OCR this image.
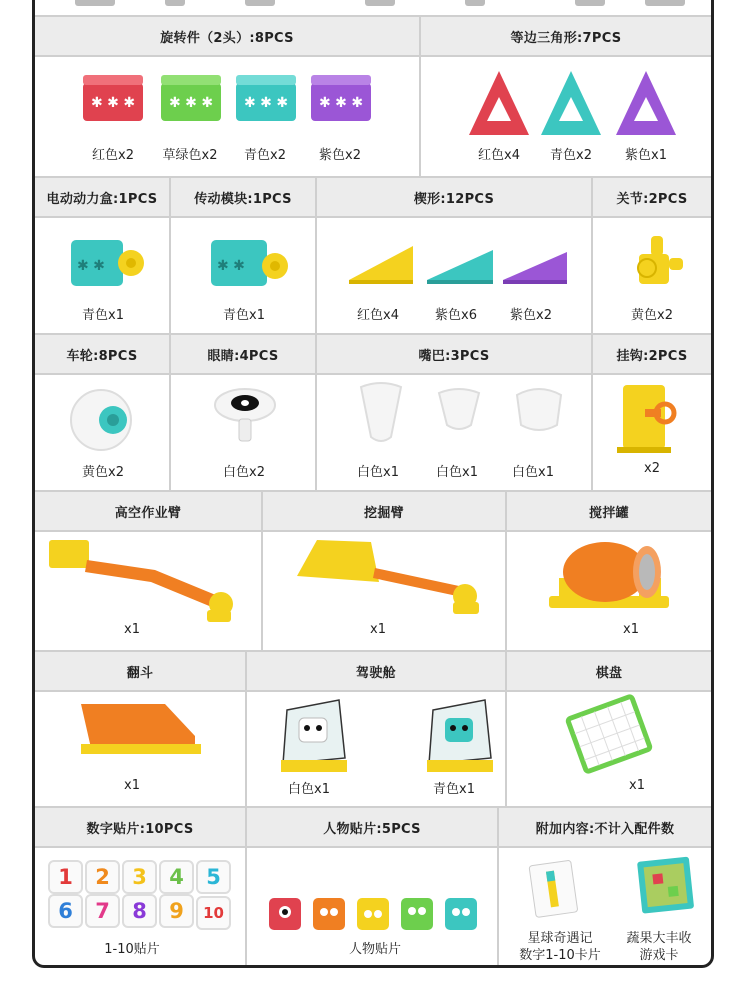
旋转件（2头）:8PCS
✱ ✱ ✱ ✱ ✱ ✱ ✱ ✱ ✱ ✱ ✱ ✱
红色x2 草绿色x2 青色x2	紫色x2
等边三角形:7PCS
红色x4 青色x2	紫色x1
电动动力盒:1PCS
✱ ✱
青色x1
传动模块:1PCS
✱ ✱
青色x1
楔形:12PCS
红色x4	紫色x6	紫色x2
关节:2PCS
黄色x2
车轮:8PCS
黄色x2
眼睛:4PCS
白色x2
嘴巴:3PCS
白色x1	白色x1	白色x1
挂钩:2PCS
x2
高空作业臂
x1
挖掘臂
x1
搅拌罐
x1
翻斗
x1
驾驶舱
白色x1	青色x1
棋盘
x1
数字贴片:10PCS
1 2 3 4 5
6 7 8 9 10
1-10贴片
人物贴片:5PCS
人物贴片
附加内容:不计入配件数
星球奇遇记
数字1-10卡片
蔬果大丰收
游戏卡
